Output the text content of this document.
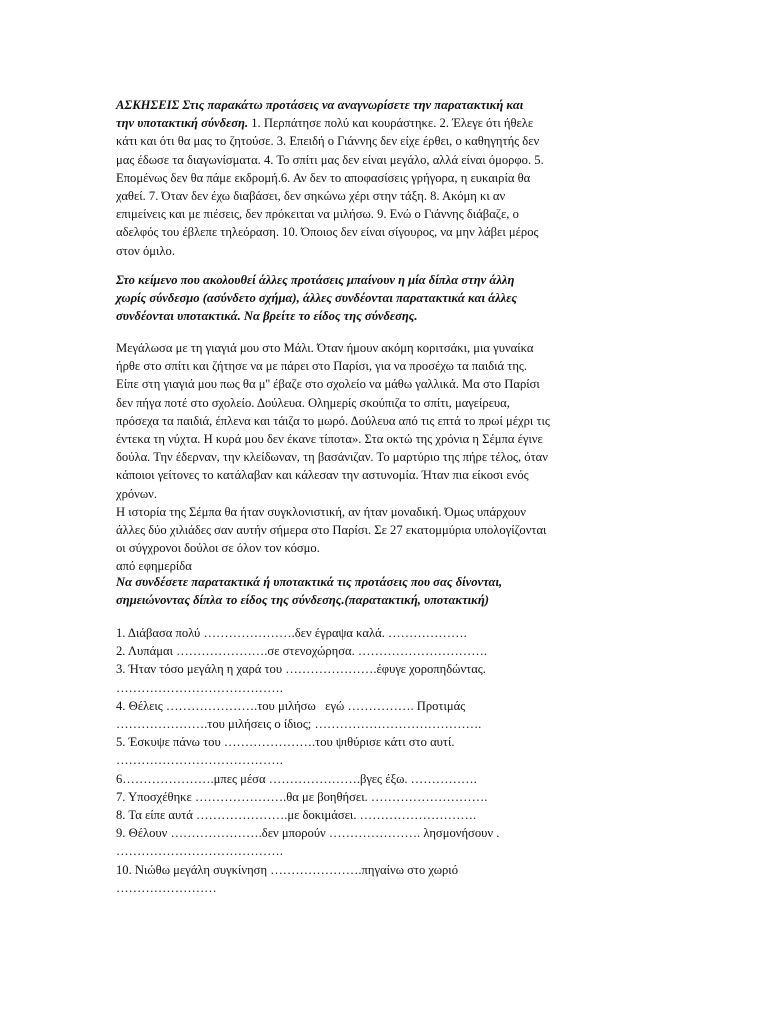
ΑΣΚΗΣΕΙΣ Στις παρακάτω προτάσεις να αναγνωρίσετε την παρατακτική και
την υποτακτική σύνδεση. 1. Περπάτησε πολύ και κουράστηκε. 2. Έλεγε ότι ήθελε
κάτι και ότι θα μας το ζητούσε. 3. Επειδή ο Γιάννης δεν είχε έρθει, ο καθηγητής δεν
μας έδωσε τα διαγωνίσματα. 4. Το σπίτι μας δεν είναι μεγάλο, αλλά είναι όμορφο. 5.
Επομένως δεν θα πάμε εκδρομή.6. Αν δεν το αποφασίσεις γρήγορα, η ευκαιρία θα
χαθεί. 7. Όταν δεν έχω διαβάσει, δεν σηκώνω χέρι στην τάξη. 8. Ακόμη κι αν
επιμείνεις και με πιέσεις, δεν πρόκειται να μιλήσω. 9. Ενώ ο Γιάννης διάβαζε, ο
αδελφός του έβλεπε τηλεόραση. 10. Όποιος δεν είναι σίγουρος, να μην λάβει μέρος
στον όμιλο.
Στο κείμενο που ακολουθεί άλλες προτάσεις μπαίνουν η μία δίπλα στην άλλη
χωρίς σύνδεσμο (ασύνδετο σχήμα), άλλες συνδέονται παρατακτικά και άλλες
συνδέονται υποτακτικά. Να βρείτε το είδος της σύνδεσης.
Μεγάλωσα με τη γιαγιά μου στο Μάλι. Όταν ήμουν ακόμη κοριτσάκι, μια γυναίκα
ήρθε στο σπίτι και ζήτησε να με πάρει στο Παρίσι, για να προσέχω τα παιδιά της.
Είπε στη γιαγιά μου πως θα μ'' έβαζε στο σχολείο να μάθω γαλλικά. Μα στο Παρίσι
δεν πήγα ποτέ στο σχολείο. Δούλευα. Ολημερίς σκούπιζα το σπίτι, μαγείρευα,
πρόσεχα τα παιδιά, έπλενα και τάιζα το μωρό. Δούλευα από τις επτά το πρωί μέχρι τις
έντεκα τη νύχτα. Η κυρά μου δεν έκανε τίποτα». Στα οκτώ της χρόνια η Σέμπα έγινε
δούλα. Την έδερναν, την κλείδωναν, τη βασάνιζαν. Το μαρτύριο της πήρε τέλος, όταν
κάποιοι γείτονες το κατάλαβαν και κάλεσαν την αστυνομία. Ήταν πια είκοσι ενός
χρόνων.
Η ιστορία της Σέμπα θα ήταν συγκλονιστική, αν ήταν μοναδική. Όμως υπάρχουν
άλλες δύο χιλιάδες σαν αυτήν σήμερα στο Παρίσι. Σε 27 εκατομμύρια υπολογίζονται
οι σύγχρονοι δούλοι σε όλον τον κόσμο.
από εφημερίδα
Να συνδέσετε παρατακτικά ή υποτακτικά τις προτάσεις που σας δίνονται,
σημειώνοντας δίπλα το είδος της σύνδεσης.(παρατακτική, υποτακτική)
1. Διάβασα πολύ ………………….δεν έγραψα καλά. ……………….
2. Λυπάμαι ………………….σε στενοχώρησα. ………………………….
3. Ήταν τόσο μεγάλη η χαρά του ………………….έφυγε χοροπηδώντας.
………………………………….
4. Θέλεις ………………….του μιλήσω   εγώ ……………. Προτιμάς
………………….του μιλήσεις ο ίδιος; ………………………………….
5. Έσκυψε πάνω του ………………….του ψιθύρισε κάτι στο αυτί.
………………………………….
6………………….μπες μέσα ………………….βγες έξω. …………….
7. Υποσχέθηκε ………………….θα με βοηθήσει. ……………………….
8. Τα είπε αυτά ………………….με δοκιμάσει. ……………………….
9. Θέλουν ………………….δεν μπορούν …………………. λησμονήσουν .
………………………………….
10. Νιώθω μεγάλη συγκίνηση ………………….πηγαίνω στο χωριό
……………………
